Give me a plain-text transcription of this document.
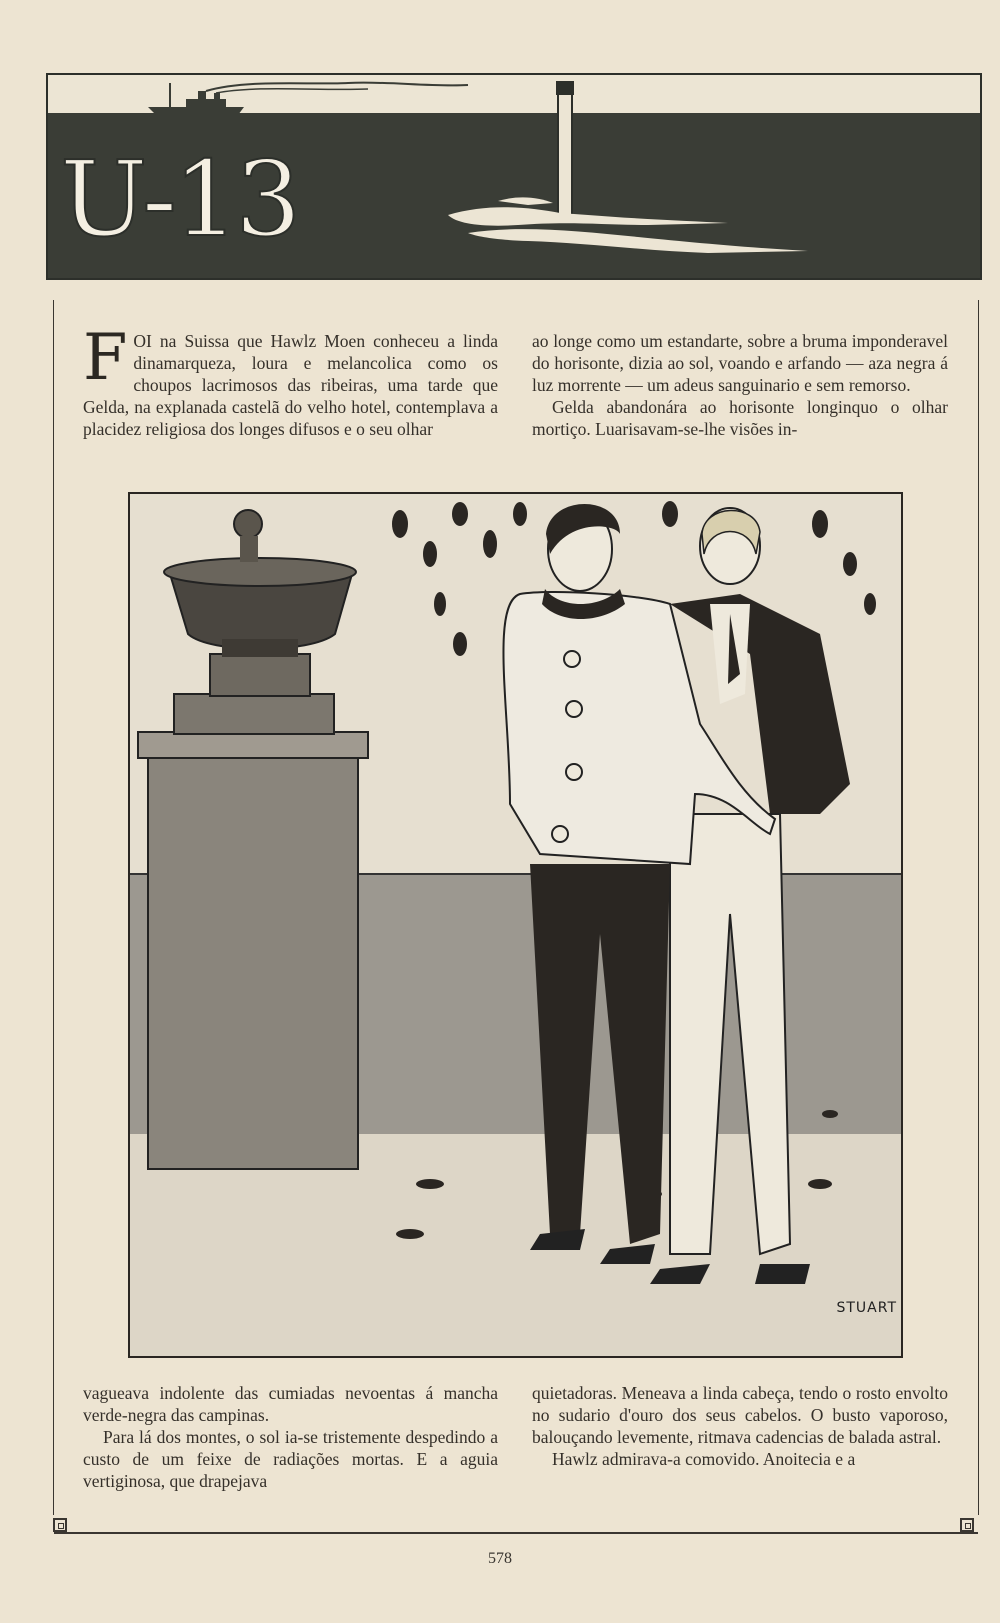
U-13

FOI na Suissa que Hawlz Moen conheceu a linda dinamarqueza, loura e melancolica como os choupos lacrimosos das ribeiras, uma tarde que Gelda, na explanada castelã do velho hotel, contemplava a placidez religiosa dos longes difusos e o seu olhar

ao longe como um estandarte, sobre a bruma imponderavel do horisonte, dizia ao sol, voando e arfando — aza negra á luz morrente — um adeus sanguinario e sem remorso.

Gelda abandonára ao horisonte longinquo o olhar mortiço. Luarisavam-se-lhe visões in-

STUART

vagueava indolente das cumiadas nevoentas á mancha verde-negra das campinas.

Para lá dos montes, o sol ia-se tristemente despedindo a custo de um feixe de radiações mortas. E a aguia vertiginosa, que drapejava

quietadoras. Meneava a linda cabeça, tendo o rosto envolto no sudario d'ouro dos seus cabelos. O busto vaporoso, balouçando levemente, ritmava cadencias de balada astral.

Hawlz admirava-a comovido. Anoitecia e a

578
